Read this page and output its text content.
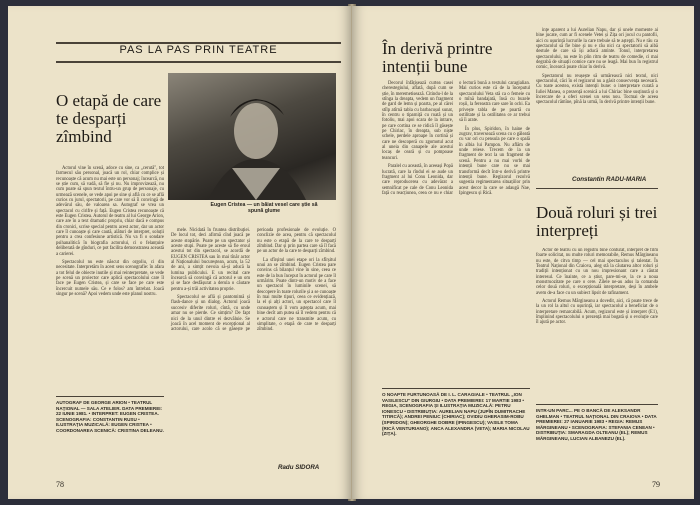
PAS LA PAS PRIN TEATRE
O etapă de care te desparți zîmbind
Eugen Cristea — un băiat vesel care știe să spună glume

Actorul vine în scenă, adoce cu sine, ca „cerută", tot farmecul său personal, joacă un rol, chiar complice și recunoaște că acum nu mai este un personaj; încearcă, nu se știe cum, să vadă, să fie și nu. Nu improvizează, nu cum poate să spun textul întru-un grup de personaje, cu urmează scenele, se vede apoi pe sine și află cu ce se află curios cu jurul, spectatorii, pe care vor să îi convingă de adevărul său, de valoarea sa. Autograf se vrea un spectacol cu cirifre și față. Eugen Cristea recunoaște că este Eugen Cristea. Autorul de teatru al lui George Arion, care are în a text dramatic propriu, chiar dacă e compus din cronici, scrise special pentru acest actor, dar un actor care îl cunoaște și care caută, alături de interpret, soluții pentru a crea confesiune artistică. Nu va fi o sondare psihanalitică în biografia actorului, ci o felanțuire deliberată de gînduri, ce pot facilita demonstrarea această a carierei.

Spectacolul nu este născut din orgoliu, ci din necesitate. Interpretăm în acest sens scenografie: în afara a tot felul de obiecte inutile și mai reinterpretate, se vede pe scenă un proiector care aplică spectacolului care îl face pe Eugen Cristea, și care se face pe care este încercuit numele său. Ce e folos? am întrebat. Joacă singur pe scenă? Apoi vedem unde este planul nostru.

AUTOGRAF DE GEORGE ARION • TEATRUL NAȚIONAL — SALA ATELIER. DATA PREMIEREI: 22 IUNIE 1981. • INTERPRET: EUGEN CRISTEA. SCENOGRAFIA: CONSTANTIN RUSU • ILUSTRAȚIA MUZICALĂ: EUGEN CRISTEA • COORDONAREA SCENICĂ: CRISTINA DELEANU.

mele. Nicidată în fruntea distribuției. De locul tot, deci afirmă cînd joacă pe aceste stopărie. Poate pe un spectator și aceste stupi. Poate pe aceste să fie eroul acestui tot din spectacol, se acordă de EUGEN CRISTEA sau în mai tînăr actor al Naționalului bucureștean, acum, la 52 de ani, a simțit nevoia să-și aducă la lumina publicului. E un recital care încearcă să convingă că actorul e un om și se face desfășurat a derula o căutare pentru a-și trăi activitatea proprie.

Spectacolul se află și pantomimă și flash-dance și un dialog. Actorul joacă succesiv diferite roluri, cîntă, cu unde amar nu se pierde. Ce simțim? De fapt nici de la unul dintre ei dezvăluie. Se joacă în acel moment de excepțional al actorului, care acolo că se găsește pe perioada profesionale de evoluție. O conclizie de acea, pentru că spectacolul nu este o etapă de la care te desparți zîmbind. Dar și prin partea care să îl facă pe un actor de la care te desparți zîmbind.

La sfîrșitul unei etape ori la sfîrșitul unui an se zîmbind. Eugen Cristea pare convins că bilanțul vine în sine, ceea ce este de la bun început în actorul pe care îl urmărim. Poate dintr-un motiv de a face un spectacol în luminile scenei, să descopere în toate rolurile și a se cunoaște în mai multe tipuri, ceea ce evidențiază, la el și alți actori, un spectacol care îl cunoaștem și îl vom aștepta acum, mai bine decît am putea să îl vedem pentru că e actorul care ne transmite acum, cu simplitate, o etapă de care te desparți zîmbind.

Radu SIDORA
78
În derivă printre intenții bune

Decorul înfățișează curtea casei cherestegiului, aflată, după cum se știe, în meremetisează. Citindu-l de la stînga la dreapta, vedem un fragment de gard de lemn și poarta, pe al cărei stîlp atîrnă tabla cu barbacușul sunat, în centru o tiparniță cu roată și un fotoliu, mai apoi scara de la intrare, pe care cortina ce se ridică îl găsește pe Chiriac, în dreapta, sub niște schele, perdele aproape în cortină și care ne descoperă cu zgomotul acut al uneia din canapele ale acestui locaș de ceară și cu pompoase teancuri.

Paralel cu această, în aceeași Popă lucrată, care la rîndul ei se aude un fragment al lui Conu Leonida, dar care reproducerea cu adevărat a semnificat pe cale de Conu Leonida față cu reacțiunea, ceea ce nu e chiar o lectură bună a textului caragialian. Mai curios este că de la începutul spectacolului Veta stă ca o femeie cu o mînă bandajată, însă cu buzele roșii, la fereastra care sare în ochi. Ea privește tabla de pe poartă cu ostilitate și la ostilitatea ce ar trebui să îi arate.

În plus, Spiridon, în haine de zugrav, traversează scena cu o găleată cu var ori cu pensula pe care o spală în albia lui Pampon. Nu aflăm de unde reiese. Trecem de la un fragment de text la un fragment de scenă. Pentru a nu mai vorbi de intenții bune care nu se mai transformă decît într-o derivă printre intenții bune. Regizorul rezolvă sugestia regimentarea situațiilor prin acest decor la care se adaugă Nae, Ipingescu și Rică.

O NOAPTE FURTUNOASĂ DE I. L. CARAGIALE • TEATRUL „ION VASILESCU" DIN GIURGIU • DATA PREMIEREI: 17 MARTIE 1983 • REGIA, SCENOGRAFIA ȘI ILUSTRAȚIA MUZICALĂ: PETRU IONESCU • DISTRIBUȚIA: AURELIAN NAPU (JUPÎN DUMITRACHE TITIRCĂ); ANDREI PENIUC (CHIRIAC); OVIDIU GHERASIM-ROBU (SPIRIDON); GHEORGHE DOBRE (IPINGESCU); VASILE TOMA (RICĂ VENTURIANO); ANCA ALEXANDRA (VETA); MARIA NICOLAU (ZIȚA).

ințe aparent a lui Aurelian Napu, dar și unele momente ai bine jucate, cum ar fi scenele Vetei și Zița ori jocul cu pantofii, aici cu ușurință lucrurile la care trebuie să te aștepți. Nu e rău ca spectacolul să fie bine și nu e rău nici ca spectatorii să aibă destule de care să își aducă aminte. Tonul, interpretarea spectacolului, nu este în plin ritm de teatru de comedie, ci mai degrabă de situații comice care nu se leagă. Mai bun în registrul comic, încearcă poate chiar în derivă.

Spectatorul nu reușește să urmărească nici textul, nici spectacolul, căci în el regizorul nu a găsit consecvența necesară. Cu toate acestea, există intenții bune: o interpretare curată a Iuliei Manea, o prezență scenică a lui Chiriac bine susținută și o încercare de a oferi scenei un sens nou. Tocmai de aceea spectacolul rămîne, pînă la urmă, în derivă printre intenții bune.

Constantin RADU-MARIA
Două roluri și trei interpreți

Actor de teatru cu un registru bine conturat, interpret de film foarte solicitat, nu multe roluri memorabile, Remus Mărgineanu nu este, de citva timp — cel mai spectaculos și talentat. În Teatrul Național din Craiova, aleg stă la căutarea altor roluri și tradiții intenționat cu un nou impresionant care a căutat interesul. Ce înainte, ce a știut, pare-mi-se, la ce a noua monstruozitate pe care o cere. Zilele ne-au adus la comanda celor două roluri, o excepțională interpretare, deși în ambele avem de-a face cu un subiect lipsit de rafinament.

Actorul Remus Mărgineanu a dovedit, aici, că poate trece de la un rol la altul cu ușurință, iar spectacolul a beneficiat de o interpretare remarcabilă. Acum, regizorul este și interpret (E1), împlinind spectacolului o prezență mai bogată și o evoluție care îl ajută pe actor.

INTR-UN PARC... PE O BANCĂ DE ALEKSANDR GHELMAN • TEATRUL NAȚIONAL DIN CRAIOVA • DATA PREMIEREI: 27 IANUARIE 1983 • REGIA: REMUS MĂRGINEANU • SCENOGRAFIA: STEFANIA CENEAN • DISTRIBUȚIA: SMARAGDA OLTEANU (EL); REMUS MĂRGINEANU, LUCIAN ALBANEZU (EL).
79
